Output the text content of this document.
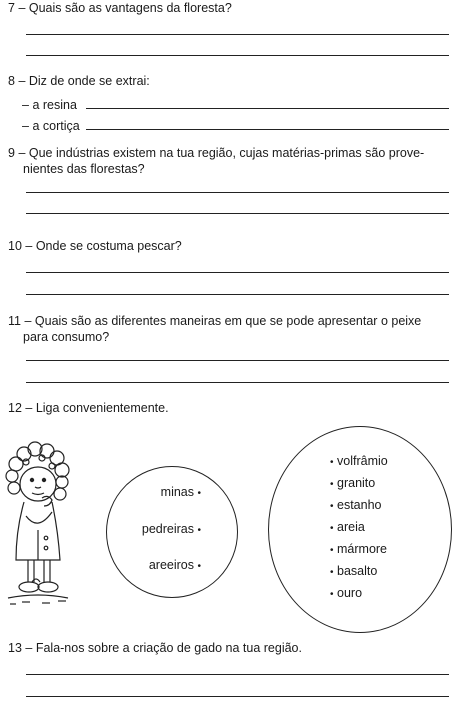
7 – Quais são as vantagens da floresta?
8 – Diz de onde se extrai:
– a resina
– a cortiça
9 – Que indústrias existem na tua região, cujas matérias-primas são prove-
nientes das florestas?
10 – Onde se costuma pescar?
11 – Quais são as diferentes maneiras em que se pode apresentar o peixe
para consumo?
12 – Liga convenientemente.
minas •
pedreiras •
areeiros •
• volfrâmio
• granito
• estanho
• areia
• mármore
• basalto
• ouro
13 – Fala-nos sobre a criação de gado na tua região.
